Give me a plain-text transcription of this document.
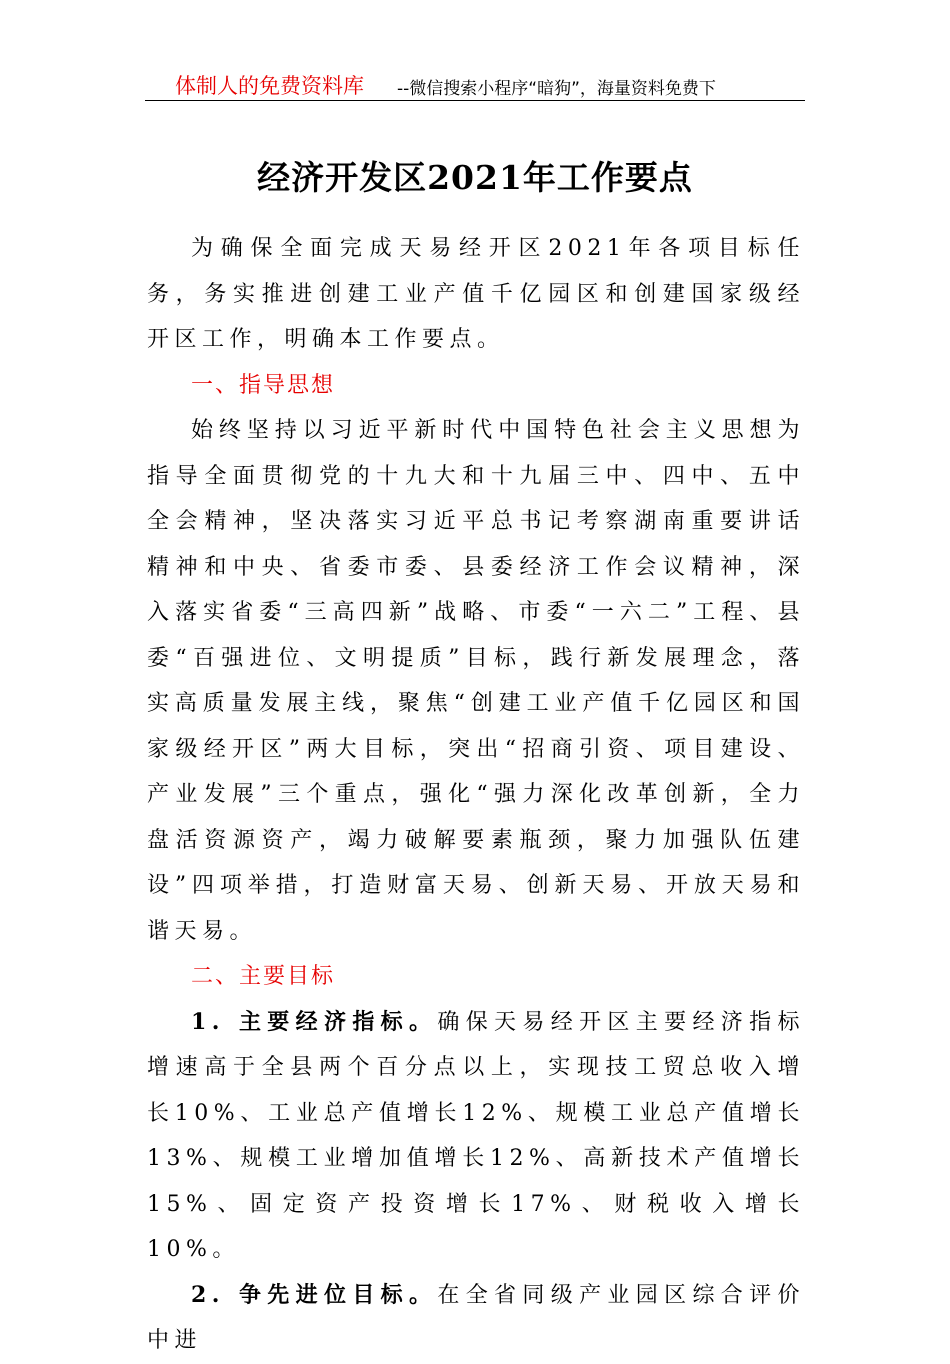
体制人的免费资料库 --微信搜索小程序“暗狗”，海量资料免费下
经济开发区2021年工作要点

为确保全面完成天易经开区2021年各项目标任务，务实推进创建工业产值千亿园区和创建国家级经开区工作，明确本工作要点。

一、指导思想

始终坚持以习近平新时代中国特色社会主义思想为指导全面贯彻党的十九大和十九届三中、四中、五中全会精神，坚决落实习近平总书记考察湖南重要讲话精神和中央、省委市委、县委经济工作会议精神，深入落实省委“三高四新”战略、市委“一六二”工程、县委“百强进位、文明提质”目标，践行新发展理念，落实高质量发展主线，聚焦“创建工业产值千亿园区和国家级经开区”两大目标，突出“招商引资、项目建设、产业发展”三个重点，强化“强力深化改革创新，全力盘活资源资产，竭力破解要素瓶颈，聚力加强队伍建设”四项举措，打造财富天易、创新天易、开放天易和谐天易。

二、主要目标

1. 主要经济指标。确保天易经开区主要经济指标增速高于全县两个百分点以上，实现技工贸总收入增长10%、工业总产值增长12%、规模工业总产值增长13%、规模工业增加值增长12%、高新技术产值增长15%、固定资产投资增长17%、财税收入增长10%。

2. 争先进位目标。在全省同级产业园区综合评价中进
